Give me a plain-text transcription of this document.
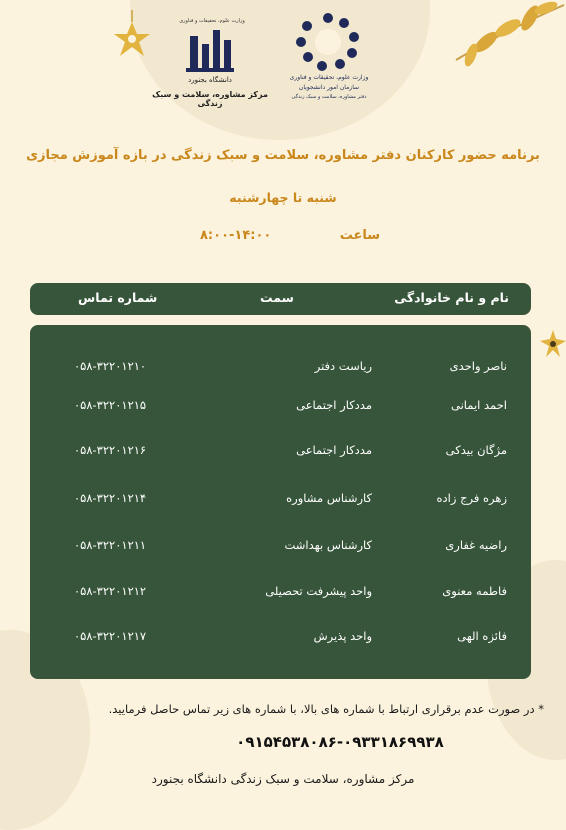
وزارت علوم، تحقیقات و فناوری
دانشگاه بجنورد
مرکز مشاوره، سلامت و سبک زندگی
وزارت علوم، تحقیقات و فناوری
سازمان امور دانشجویان
دفتر مشاوره، سلامت و سبک زندگی
برنامه حضور کارکنان دفتر مشاوره، سلامت و سبک زندگی در بازه آموزش مجازی
شنبه تا چهارشنبه
ساعت
۸:۰۰-۱۴:۰۰
نام و نام خانوادگی
سمت
شماره تماس
ناصر واحدی
ریاست دفتر
۰۵۸-۳۲۲۰۱۲۱۰
احمد ایمانی
مددکار اجتماعی
۰۵۸-۳۲۲۰۱۲۱۵
مژگان بیدکی
مددکار اجتماعی
۰۵۸-۳۲۲۰۱۲۱۶
زهره فرج زاده
کارشناس مشاوره
۰۵۸-۳۲۲۰۱۲۱۴
راضیه غفاری
کارشناس بهداشت
۰۵۸-۳۲۲۰۱۲۱۱
فاطمه معنوی
واحد پیشرفت تحصیلی
۰۵۸-۳۲۲۰۱۲۱۲
فائزه الهی
واحد پذیرش
۰۵۸-۳۲۲۰۱۲۱۷
* در صورت عدم برقراری ارتباط با شماره های بالا، با شماره های زیر تماس حاصل فرمایید.
۰۹۱۵۴۵۳۸۰۸۶-۰۹۳۳۱۸۶۹۹۳۸
مرکز مشاوره، سلامت و سبک زندگی دانشگاه بجنورد
